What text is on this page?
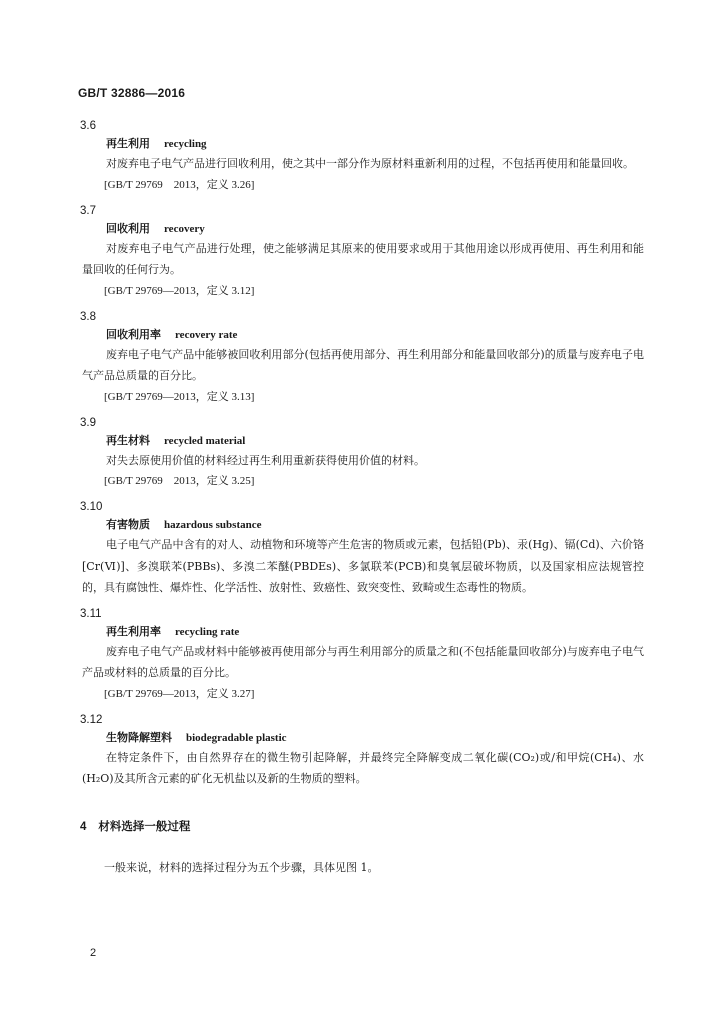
GB/T 32886—2016
3.6
再生利用 recycling
对废弃电子电气产品进行回收利用，使之其中一部分作为原材料重新利用的过程，不包括再使用和能量回收。
[GB/T 29769　2013，定义 3.26]
3.7
回收利用 recovery
对废弃电子电气产品进行处理，使之能够满足其原来的使用要求或用于其他用途以形成再使用、再生利用和能量回收的任何行为。
[GB/T 29769—2013，定义 3.12]
3.8
回收利用率 recovery rate
废弃电子电气产品中能够被回收利用部分(包括再使用部分、再生利用部分和能量回收部分)的质量与废弃电子电气产品总质量的百分比。
[GB/T 29769—2013，定义 3.13]
3.9
再生材料 recycled material
对失去原使用价值的材料经过再生利用重新获得使用价值的材料。
[GB/T 29769　2013，定义 3.25]
3.10
有害物质 hazardous substance
电子电气产品中含有的对人、动植物和环境等产生危害的物质或元素，包括铅(Pb)、汞(Hg)、镉(Cd)、六价铬[Cr(Ⅵ)]、多溴联苯(PBBs)、多溴二苯醚(PBDEs)、多氯联苯(PCB)和臭氧层破坏物质，以及国家相应法规管控的，具有腐蚀性、爆炸性、化学活性、放射性、致癌性、致突变性、致畸或生态毒性的物质。
3.11
再生利用率 recycling rate
废弃电子电气产品或材料中能够被再使用部分与再生利用部分的质量之和(不包括能量回收部分)与废弃电子电气产品或材料的总质量的百分比。
[GB/T 29769—2013，定义 3.27]
3.12
生物降解塑料 biodegradable plastic
在特定条件下，由自然界存在的微生物引起降解，并最终完全降解变成二氧化碳(CO₂)或/和甲烷(CH₄)、水(H₂O)及其所含元素的矿化无机盐以及新的生物质的塑料。
4 材料选择一般过程
一般来说，材料的选择过程分为五个步骤，具体见图 1。
2
